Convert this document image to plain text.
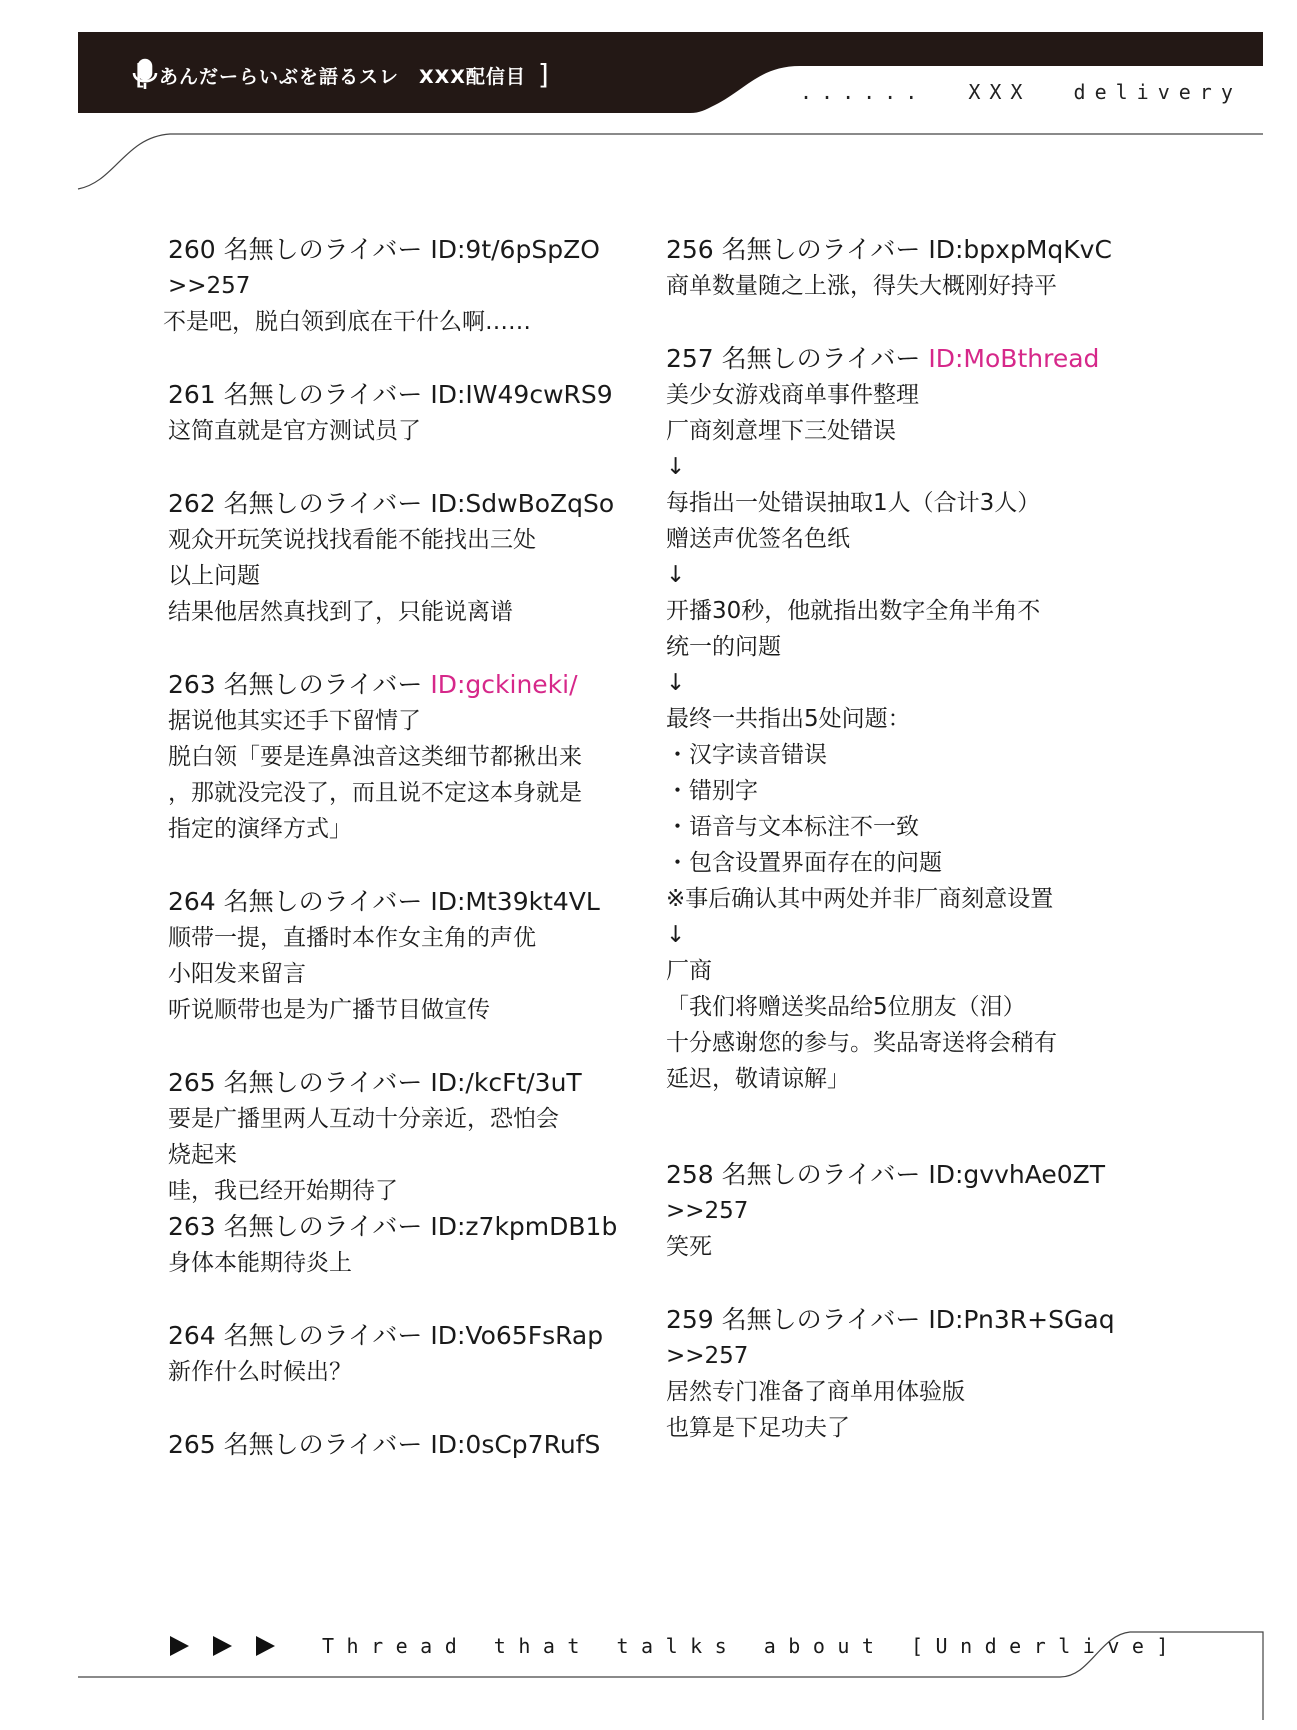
[ あんだーらいぶを語るスレ　XXX配信目 ]
......  XXX  delivery
260 名無しのライバー ID:9t/6pSpZO
>>257
不是吧，脱白领到底在干什么啊……
261 名無しのライバー ID:IW49cwRS9
这简直就是官方测试员了
262 名無しのライバー ID:SdwBoZqSo
观众开玩笑说找找看能不能找出三处
以上问题
结果他居然真找到了，只能说离谱
263 名無しのライバー ID:gckineki/
据说他其实还手下留情了
脱白领「要是连鼻浊音这类细节都揪出来
，那就没完没了，而且说不定这本身就是
指定的演绎方式」
264 名無しのライバー ID:Mt39kt4VL
顺带一提，直播时本作女主角的声优
小阳发来留言
听说顺带也是为广播节目做宣传
265 名無しのライバー ID:/kcFt/3uT
要是广播里两人互动十分亲近，恐怕会
烧起来
哇，我已经开始期待了
263 名無しのライバー ID:z7kpmDB1b
身体本能期待炎上
264 名無しのライバー ID:Vo65FsRap
新作什么时候出？
265 名無しのライバー ID:0sCp7RufS
256 名無しのライバー ID:bpxpMqKvC
商单数量随之上涨，得失大概刚好持平
257 名無しのライバー ID:MoBthread
美少女游戏商单事件整理
厂商刻意埋下三处错误
↓
每指出一处错误抽取1人（合计3人）
赠送声优签名色纸
↓
开播30秒，他就指出数字全角半角不
统一的问题
↓
最终一共指出5处问题：
・汉字读音错误
・错别字
・语音与文本标注不一致
・包含设置界面存在的问题
※事后确认其中两处并非厂商刻意设置
↓
厂商
「我们将赠送奖品给5位朋友（泪）
十分感谢您的参与。奖品寄送将会稍有
延迟，敬请谅解」
258 名無しのライバー ID:gvvhAe0ZT
>>257
笑死
259 名無しのライバー ID:Pn3R+SGaq
>>257
居然专门准备了商单用体验版
也算是下足功夫了
Thread that talks about [Underlive]
